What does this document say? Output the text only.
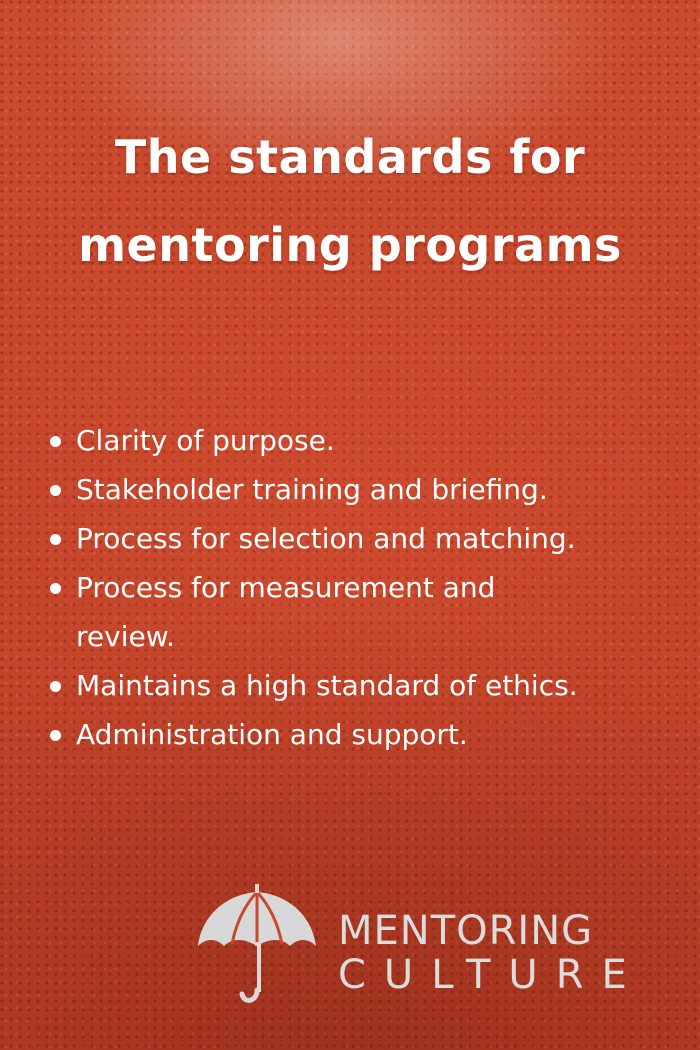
The standards for
mentoring programs
Clarity of purpose.
Stakeholder training and briefing.
Process for selection and matching.
Process for measurement and
review.
Maintains a high standard of ethics.
Administration and support.
MENTORING
CULTURE
